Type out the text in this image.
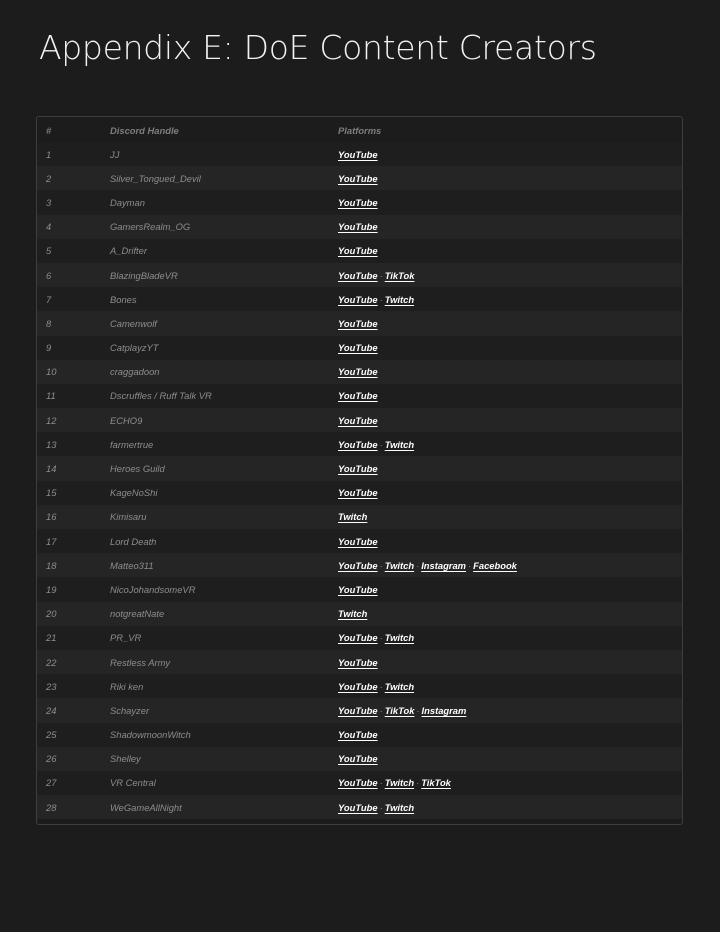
Appendix E: DoE Content Creators
#	Discord Handle	Platforms
1	JJ	YouTube
2	Silver_Tongued_Devil	YouTube
3	Dayman	YouTube
4	GamersRealm_OG	YouTube
5	A_Drifter	YouTube
6	BlazingBladeVR	YouTube · TikTok
7	Bones	YouTube · Twitch
8	Camenwolf	YouTube
9	CatplayzYT	YouTube
10	craggadoon	YouTube
11	Dscruffles / Ruff Talk VR	YouTube
12	ECHO9	YouTube
13	farmertrue	YouTube · Twitch
14	Heroes Guild	YouTube
15	KageNoShi	YouTube
16	Kimisaru	Twitch
17	Lord Death	YouTube
18	Matteo311	YouTube · Twitch · Instagram · Facebook
19	NicoJohandsomeVR	YouTube
20	notgreatNate	Twitch
21	PR_VR	YouTube · Twitch
22	Restless Army	YouTube
23	Riki ken	YouTube · Twitch
24	Schayzer	YouTube · TikTok · Instagram
25	ShadowmoonWitch	YouTube
26	Shelley	YouTube
27	VR Central	YouTube · Twitch · TikTok
28	WeGameAllNight	YouTube · Twitch
